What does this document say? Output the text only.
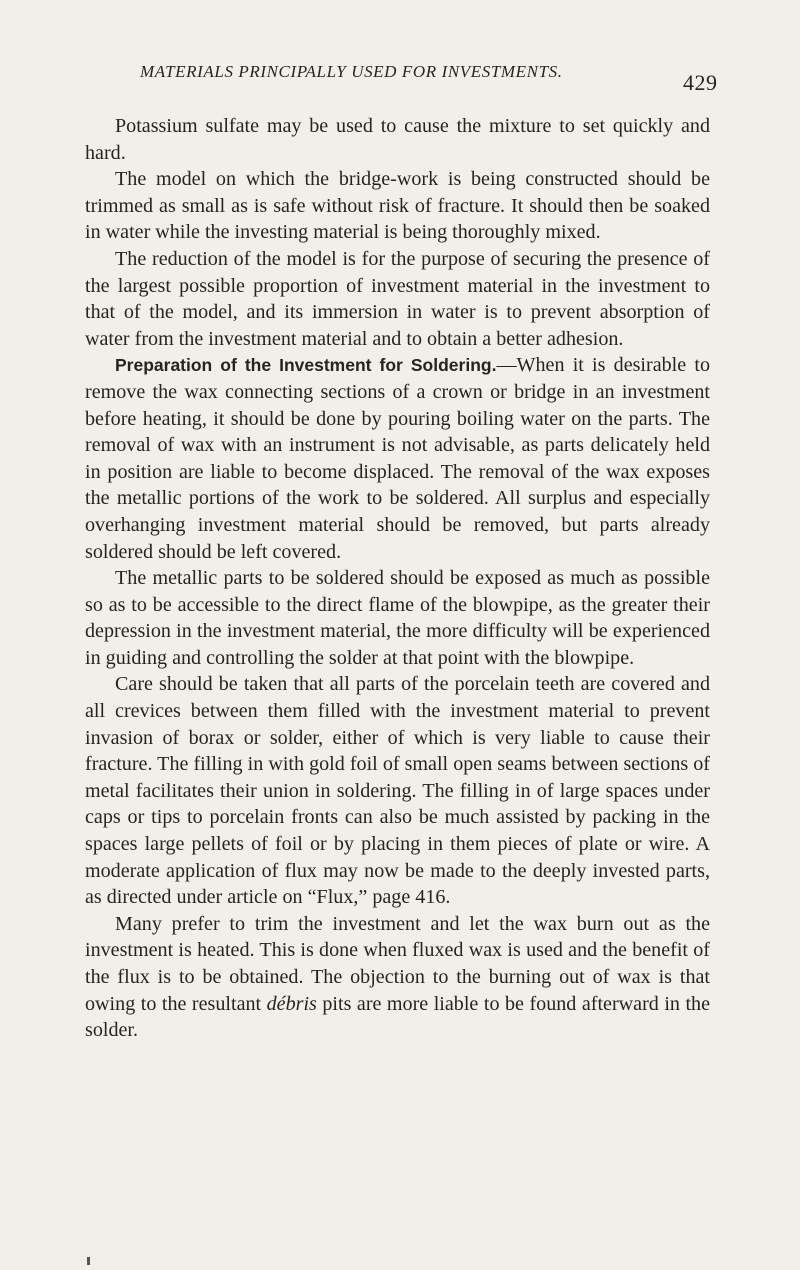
MATERIALS PRINCIPALLY USED FOR INVESTMENTS.	429

Potassium sulfate may be used to cause the mixture to set quickly and hard.

The model on which the bridge-work is being constructed should be trimmed as small as is safe without risk of fracture. It should then be soaked in water while the investing material is being thoroughly mixed.

The reduction of the model is for the purpose of securing the presence of the largest possible proportion of investment material in the investment to that of the model, and its immersion in water is to prevent absorption of water from the investment material and to obtain a better adhesion.

Preparation of the Investment for Soldering.—When it is desirable to remove the wax connecting sections of a crown or bridge in an investment before heating, it should be done by pouring boiling water on the parts. The removal of wax with an instrument is not advisable, as parts delicately held in position are liable to become displaced. The removal of the wax exposes the metallic portions of the work to be soldered. All surplus and especially overhanging investment material should be removed, but parts already soldered should be left covered.

The metallic parts to be soldered should be exposed as much as possible so as to be accessible to the direct flame of the blowpipe, as the greater their depression in the investment material, the more difficulty will be experienced in guiding and controlling the solder at that point with the blowpipe.

Care should be taken that all parts of the porcelain teeth are covered and all crevices between them filled with the investment material to prevent invasion of borax or solder, either of which is very liable to cause their fracture. The filling in with gold foil of small open seams between sections of metal facilitates their union in soldering. The filling in of large spaces under caps or tips to porcelain fronts can also be much assisted by packing in the spaces large pellets of foil or by placing in them pieces of plate or wire. A moderate application of flux may now be made to the deeply invested parts, as directed under article on “Flux,” page 416.

Many prefer to trim the investment and let the wax burn out as the investment is heated. This is done when fluxed wax is used and the benefit of the flux is to be obtained. The objection to the burning out of wax is that owing to the resultant débris pits are more liable to be found afterward in the solder.
